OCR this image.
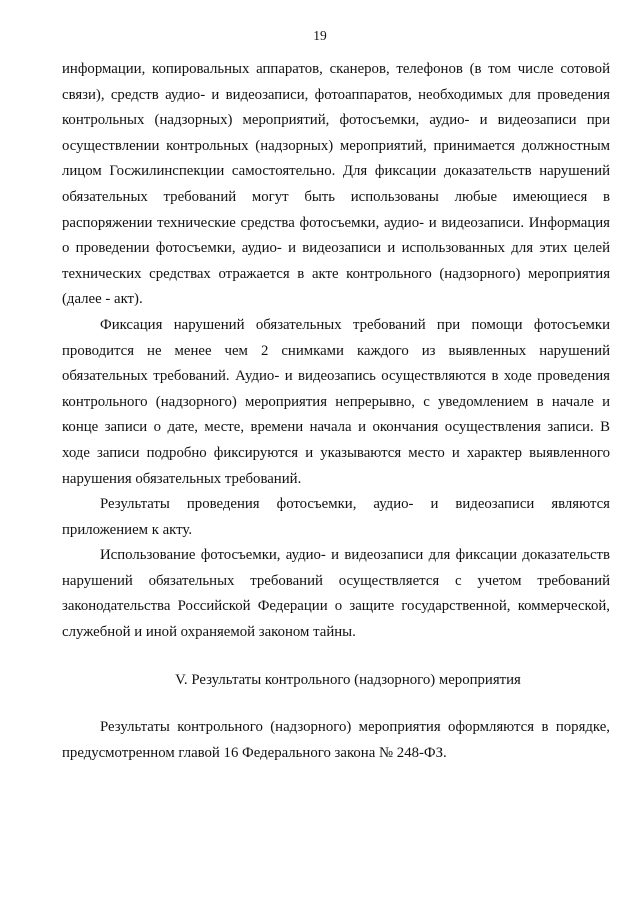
19

информации, копировальных аппаратов, сканеров, телефонов (в том числе сотовой связи), средств аудио- и видеозаписи, фотоаппаратов, необходимых для проведения контрольных (надзорных) мероприятий, фотосъемки, аудио- и видеозаписи при осуществлении контрольных (надзорных) мероприятий, принимается должностным лицом Госжилинспекции самостоятельно. Для фиксации доказательств нарушений обязательных требований могут быть использованы любые имеющиеся в распоряжении технические средства фотосъемки, аудио- и видеозаписи. Информация о проведении фотосъемки, аудио- и видеозаписи и использованных для этих целей технических средствах отражается в акте контрольного (надзорного) мероприятия (далее - акт).

Фиксация нарушений обязательных требований при помощи фотосъемки проводится не менее чем 2 снимками каждого из выявленных нарушений обязательных требований. Аудио- и видеозапись осуществляются в ходе проведения контрольного (надзорного) мероприятия непрерывно, с уведомлением в начале и конце записи о дате, месте, времени начала и окончания осуществления записи. В ходе записи подробно фиксируются и указываются место и характер выявленного нарушения обязательных требований.

Результаты проведения фотосъемки, аудио- и видеозаписи являются приложением к акту.

Использование фотосъемки, аудио- и видеозаписи для фиксации доказательств нарушений обязательных требований осуществляется с учетом требований законодательства Российской Федерации о защите государственной, коммерческой, служебной и иной охраняемой законом тайны.

V. Результаты контрольного (надзорного) мероприятия

Результаты контрольного (надзорного) мероприятия оформляются в порядке, предусмотренном главой 16 Федерального закона № 248-ФЗ.
